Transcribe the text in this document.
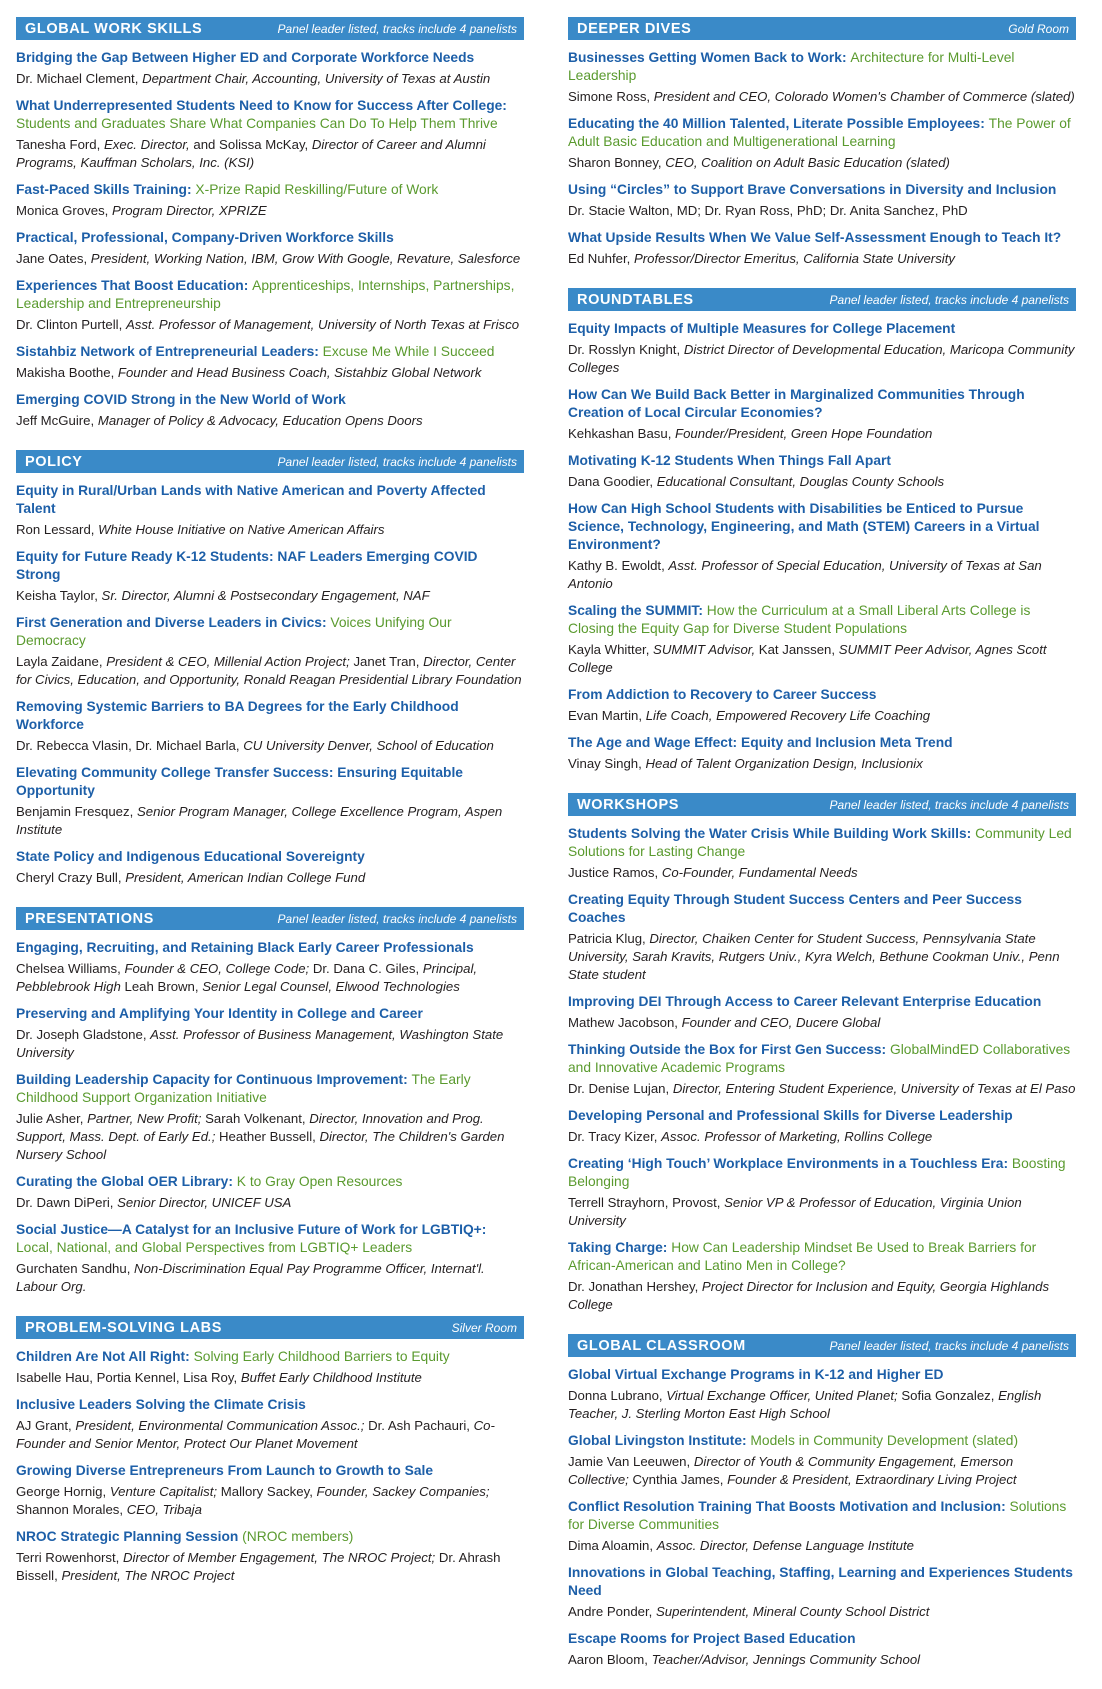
GLOBAL WORK SKILLS	Panel leader listed, tracks include 4 panelists
Bridging the Gap Between Higher ED and Corporate Workforce Needs
Dr. Michael Clement, Department Chair, Accounting, University of Texas at Austin
What Underrepresented Students Need to Know for Success After College: Students and Graduates Share What Companies Can Do To Help Them Thrive
Tanesha Ford, Exec. Director, and Solissa McKay, Director of Career and Alumni Programs, Kauffman Scholars, Inc. (KSI)
Fast-Paced Skills Training: X-Prize Rapid Reskilling/Future of Work
Monica Groves, Program Director, XPRIZE
Practical, Professional, Company-Driven Workforce Skills
Jane Oates, President, Working Nation, IBM, Grow With Google, Revature, Salesforce
Experiences That Boost Education: Apprenticeships, Internships, Partnerships, Leadership and Entrepreneurship
Dr. Clinton Purtell, Asst. Professor of Management, University of North Texas at Frisco
Sistahbiz Network of Entrepreneurial Leaders: Excuse Me While I Succeed
Makisha Boothe, Founder and Head Business Coach, Sistahbiz Global Network
Emerging COVID Strong in the New World of Work
Jeff McGuire, Manager of Policy & Advocacy, Education Opens Doors
POLICY	Panel leader listed, tracks include 4 panelists
Equity in Rural/Urban Lands with Native American and Poverty Affected Talent
Ron Lessard, White House Initiative on Native American Affairs
Equity for Future Ready K-12 Students: NAF Leaders Emerging COVID Strong
Keisha Taylor, Sr. Director, Alumni & Postsecondary Engagement, NAF
First Generation and Diverse Leaders in Civics: Voices Unifying Our Democracy
Layla Zaidane, President & CEO, Millenial Action Project; Janet Tran, Director, Center for Civics, Education, and Opportunity, Ronald Reagan Presidential Library Foundation
Removing Systemic Barriers to BA Degrees for the Early Childhood Workforce
Dr. Rebecca Vlasin, Dr. Michael Barla, CU University Denver, School of Education
Elevating Community College Transfer Success: Ensuring Equitable Opportunity
Benjamin Fresquez, Senior Program Manager, College Excellence Program, Aspen Institute
State Policy and Indigenous Educational Sovereignty
Cheryl Crazy Bull, President, American Indian College Fund
PRESENTATIONS	Panel leader listed, tracks include 4 panelists
Engaging, Recruiting, and Retaining Black Early Career Professionals
Chelsea Williams, Founder & CEO, College Code; Dr. Dana C. Giles, Principal, Pebblebrook High Leah Brown, Senior Legal Counsel, Elwood Technologies
Preserving and Amplifying Your Identity in College and Career
Dr. Joseph Gladstone, Asst. Professor of Business Management, Washington State University
Building Leadership Capacity for Continuous Improvement: The Early Childhood Support Organization Initiative
Julie Asher, Partner, New Profit; Sarah Volkenant, Director, Innovation and Prog. Support, Mass. Dept. of Early Ed.; Heather Bussell, Director, The Children's Garden Nursery School
Curating the Global OER Library: K to Gray Open Resources
Dr. Dawn DiPeri, Senior Director, UNICEF USA
Social Justice—A Catalyst for an Inclusive Future of Work for LGBTIQ+: Local, National, and Global Perspectives from LGBTIQ+ Leaders
Gurchaten Sandhu, Non-Discrimination Equal Pay Programme Officer, Internat'l. Labour Org.
PROBLEM-SOLVING LABS	Silver Room
Children Are Not All Right: Solving Early Childhood Barriers to Equity
Isabelle Hau, Portia Kennel, Lisa Roy, Buffet Early Childhood Institute
Inclusive Leaders Solving the Climate Crisis
AJ Grant, President, Environmental Communication Assoc.; Dr. Ash Pachauri, Co-Founder and Senior Mentor, Protect Our Planet Movement
Growing Diverse Entrepreneurs From Launch to Growth to Sale
George Hornig, Venture Capitalist; Mallory Sackey, Founder, Sackey Companies; Shannon Morales, CEO, Tribaja
NROC Strategic Planning Session (NROC members)
Terri Rowenhorst, Director of Member Engagement, The NROC Project; Dr. Ahrash Bissell, President, The NROC Project
DEEPER DIVES	Gold Room
Businesses Getting Women Back to Work: Architecture for Multi-Level Leadership
Simone Ross, President and CEO, Colorado Women's Chamber of Commerce (slated)
Educating the 40 Million Talented, Literate Possible Employees: The Power of Adult Basic Education and Multigenerational Learning
Sharon Bonney, CEO, Coalition on Adult Basic Education (slated)
Using “Circles” to Support Brave Conversations in Diversity and Inclusion
Dr. Stacie Walton, MD; Dr. Ryan Ross, PhD; Dr. Anita Sanchez, PhD
What Upside Results When We Value Self-Assessment Enough to Teach It?
Ed Nuhfer, Professor/Director Emeritus, California State University
ROUNDTABLES	Panel leader listed, tracks include 4 panelists
Equity Impacts of Multiple Measures for College Placement
Dr. Rosslyn Knight, District Director of Developmental Education, Maricopa Community Colleges
How Can We Build Back Better in Marginalized Communities Through Creation of Local Circular Economies?
Kehkashan Basu, Founder/President, Green Hope Foundation
Motivating K-12 Students When Things Fall Apart
Dana Goodier, Educational Consultant, Douglas County Schools
How Can High School Students with Disabilities be Enticed to Pursue Science, Technology, Engineering, and Math (STEM) Careers in a Virtual Environment?
Kathy B. Ewoldt, Asst. Professor of Special Education, University of Texas at San Antonio
Scaling the SUMMIT: How the Curriculum at a Small Liberal Arts College is Closing the Equity Gap for Diverse Student Populations
Kayla Whitter, SUMMIT Advisor, Kat Janssen, SUMMIT Peer Advisor, Agnes Scott College
From Addiction to Recovery to Career Success
Evan Martin, Life Coach, Empowered Recovery Life Coaching
The Age and Wage Effect: Equity and Inclusion Meta Trend
Vinay Singh, Head of Talent Organization Design, Inclusionix
WORKSHOPS	Panel leader listed, tracks include 4 panelists
Students Solving the Water Crisis While Building Work Skills: Community Led Solutions for Lasting Change
Justice Ramos, Co-Founder, Fundamental Needs
Creating Equity Through Student Success Centers and Peer Success Coaches
Patricia Klug, Director, Chaiken Center for Student Success, Pennsylvania State University, Sarah Kravits, Rutgers Univ., Kyra Welch, Bethune Cookman Univ., Penn State student
Improving DEI Through Access to Career Relevant Enterprise Education
Mathew Jacobson, Founder and CEO, Ducere Global
Thinking Outside the Box for First Gen Success: GlobalMindED Collaboratives and Innovative Academic Programs
Dr. Denise Lujan, Director, Entering Student Experience, University of Texas at El Paso
Developing Personal and Professional Skills for Diverse Leadership
Dr. Tracy Kizer, Assoc. Professor of Marketing, Rollins College
Creating ‘High Touch’ Workplace Environments in a Touchless Era: Boosting Belonging
Terrell Strayhorn, Provost, Senior VP & Professor of Education, Virginia Union University
Taking Charge: How Can Leadership Mindset Be Used to Break Barriers for African-American and Latino Men in College?
Dr. Jonathan Hershey, Project Director for Inclusion and Equity, Georgia Highlands College
GLOBAL CLASSROOM	Panel leader listed, tracks include 4 panelists
Global Virtual Exchange Programs in K-12 and Higher ED
Donna Lubrano, Virtual Exchange Officer, United Planet; Sofia Gonzalez, English Teacher, J. Sterling Morton East High School
Global Livingston Institute: Models in Community Development (slated)
Jamie Van Leeuwen, Director of Youth & Community Engagement, Emerson Collective; Cynthia James, Founder & President, Extraordinary Living Project
Conflict Resolution Training That Boosts Motivation and Inclusion: Solutions for Diverse Communities
Dima Aloamin, Assoc. Director, Defense Language Institute
Innovations in Global Teaching, Staffing, Learning and Experiences Students Need
Andre Ponder, Superintendent, Mineral County School District
Escape Rooms for Project Based Education
Aaron Bloom, Teacher/Advisor, Jennings Community School
